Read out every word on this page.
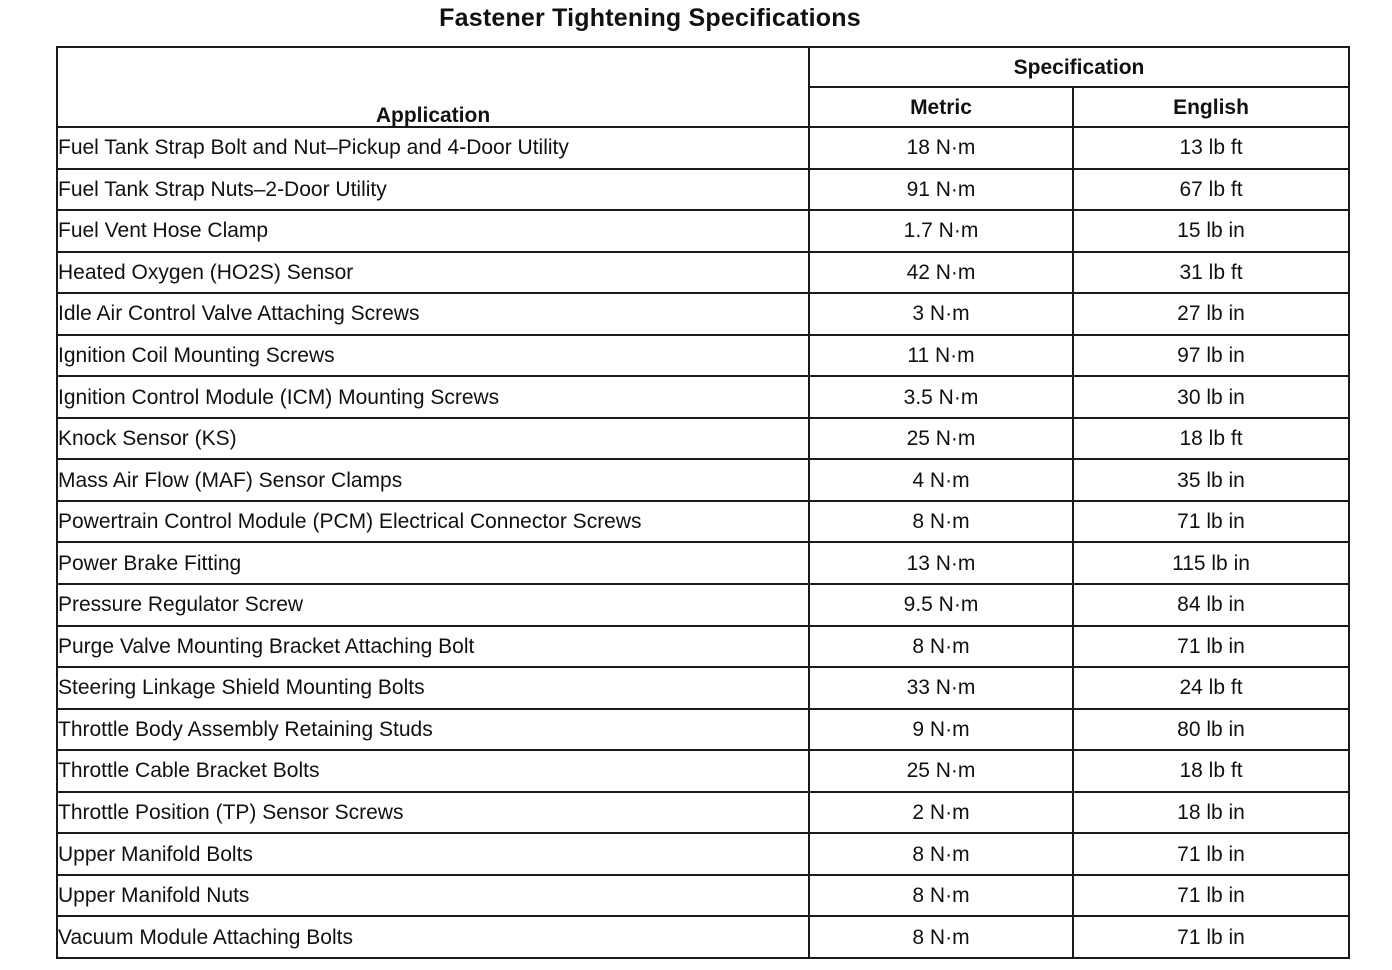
Fastener Tightening Specifications
Application	Specification	
	Metric	English
Fuel Tank Strap Bolt and Nut–Pickup and 4-Door Utility	18 N·m	13 lb ft
Fuel Tank Strap Nuts–2-Door Utility	91 N·m	67 lb ft
Fuel Vent Hose Clamp	1.7 N·m	15 lb in
Heated Oxygen (HO2S) Sensor	42 N·m	31 lb ft
Idle Air Control Valve Attaching Screws	3 N·m	27 lb in
Ignition Coil Mounting Screws	11 N·m	97 lb in
Ignition Control Module (ICM) Mounting Screws	3.5 N·m	30 lb in
Knock Sensor (KS)	25 N·m	18 lb ft
Mass Air Flow (MAF) Sensor Clamps	4 N·m	35 lb in
Powertrain Control Module (PCM) Electrical Connector Screws	8 N·m	71 lb in
Power Brake Fitting	13 N·m	115 lb in
Pressure Regulator Screw	9.5 N·m	84 lb in
Purge Valve Mounting Bracket Attaching Bolt	8 N·m	71 lb in
Steering Linkage Shield Mounting Bolts	33 N·m	24 lb ft
Throttle Body Assembly Retaining Studs	9 N·m	80 lb in
Throttle Cable Bracket Bolts	25 N·m	18 lb ft
Throttle Position (TP) Sensor Screws	2 N·m	18 lb in
Upper Manifold Bolts	8 N·m	71 lb in
Upper Manifold Nuts	8 N·m	71 lb in
Vacuum Module Attaching Bolts	8 N·m	71 lb in
